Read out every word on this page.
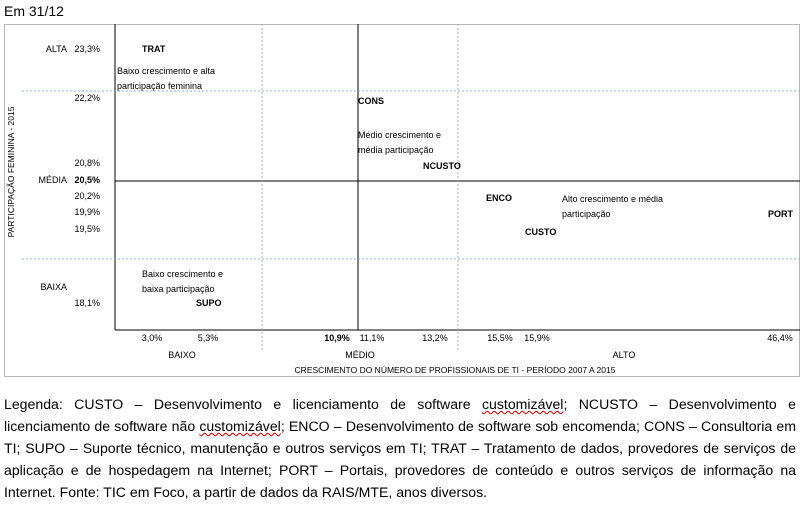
Em 31/12
23,3%
22,2%
20,8%
20,5%
20,2%
19,9%
19,5%
18,1%
3,0%	5,3%	10,9% 11,1%	13,2%	15,5% 15,9%	46,4%
ALTA
MÉDIA
BAIXA
BAIXO	MÉDIO	ALTO
CRESCIMENTO DO NÚMERO DE PROFISSIONAIS DE TI - PERÍODO 2007 A 2015
PARTICIPAÇÃO FEMININA - 2015
TRAT
CONS
NCUSTO
ENCO
CUSTO
PORT
SUPO
Baixo crescimento e alta
participação feminina
Médio crescimento e
média participação
Alto crescimento e média
participação
Baixo crescimento e
baixa participação
Legenda: CUSTO – Desenvolvimento e licenciamento de software customizável; NCUSTO – Desenvolvimento e licenciamento de software não customizável; ENCO – Desenvolvimento de software sob encomenda; CONS – Consultoria em TI; SUPO – Suporte técnico, manutenção e outros serviços em TI; TRAT – Tratamento de dados, provedores de serviços de aplicação e de hospedagem na Internet; PORT – Portais, provedores de conteúdo e outros serviços de informação na Internet. Fonte: TIC em Foco, a partir de dados da RAIS/MTE, anos diversos.
